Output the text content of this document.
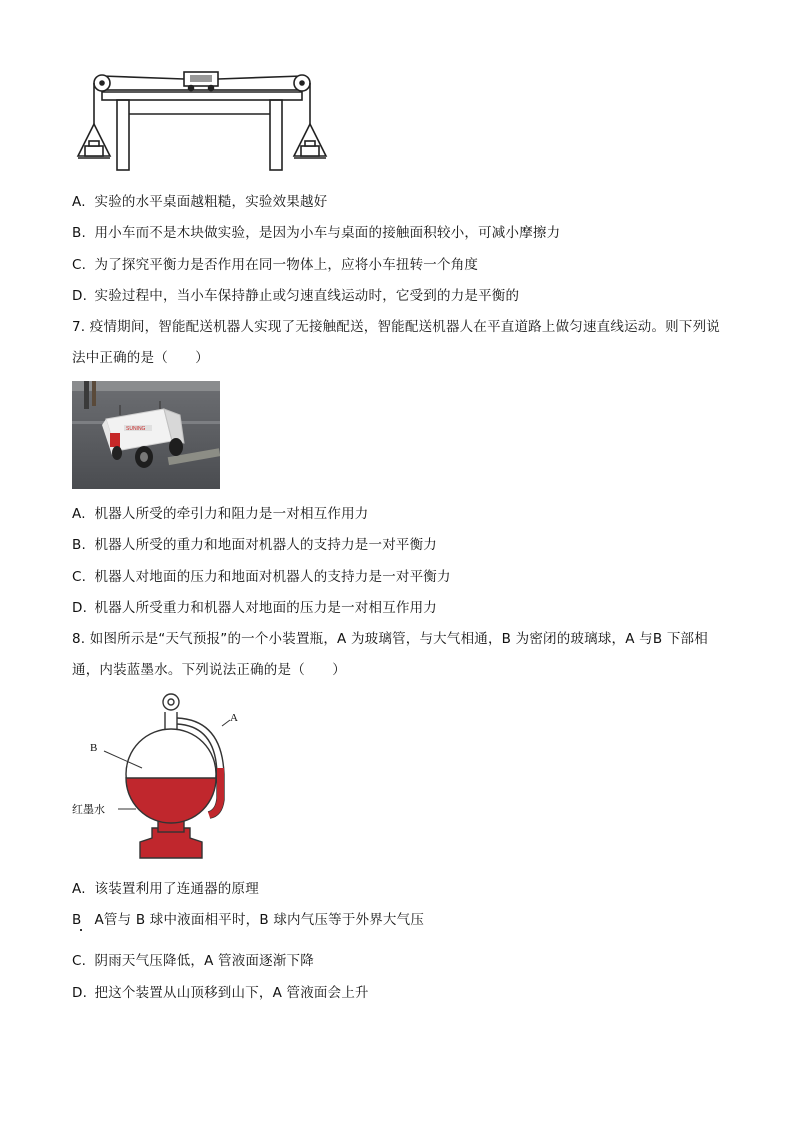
A. 实验的水平桌面越粗糙，实验效果越好
B. 用小车而不是木块做实验，是因为小车与桌面的接触面积较小，可减小摩擦力
C. 为了探究平衡力是否作用在同一物体上，应将小车扭转一个角度
D. 实验过程中，当小车保持静止或匀速直线运动时，它受到的力是平衡的
7. 疫情期间，智能配送机器人实现了无接触配送，智能配送机器人在平直道路上做匀速直线运动。则下列说法中正确的是（　　）
SUNING
A. 机器人所受的牵引力和阻力是一对相互作用力
B. 机器人所受的重力和地面对机器人的支持力是一对平衡力
C. 机器人对地面的压力和地面对机器人的支持力是一对平衡力
D. 机器人所受重力和机器人对地面的压力是一对相互作用力
8. 如图所示是“天气预报”的一个小装置瓶，A 为玻璃管，与大气相通，B 为密闭的玻璃球，A 与B 下部相通，内装蓝墨水。下列说法正确的是（　　）
A
B
红墨水
A. 该装置利用了连通器的原理
B A管与 B 球中液面相平时，B 球内气压等于外界大气压
C. 阴雨天气压降低，A 管液面逐渐下降
D. 把这个装置从山顶移到山下，A 管液面会上升
